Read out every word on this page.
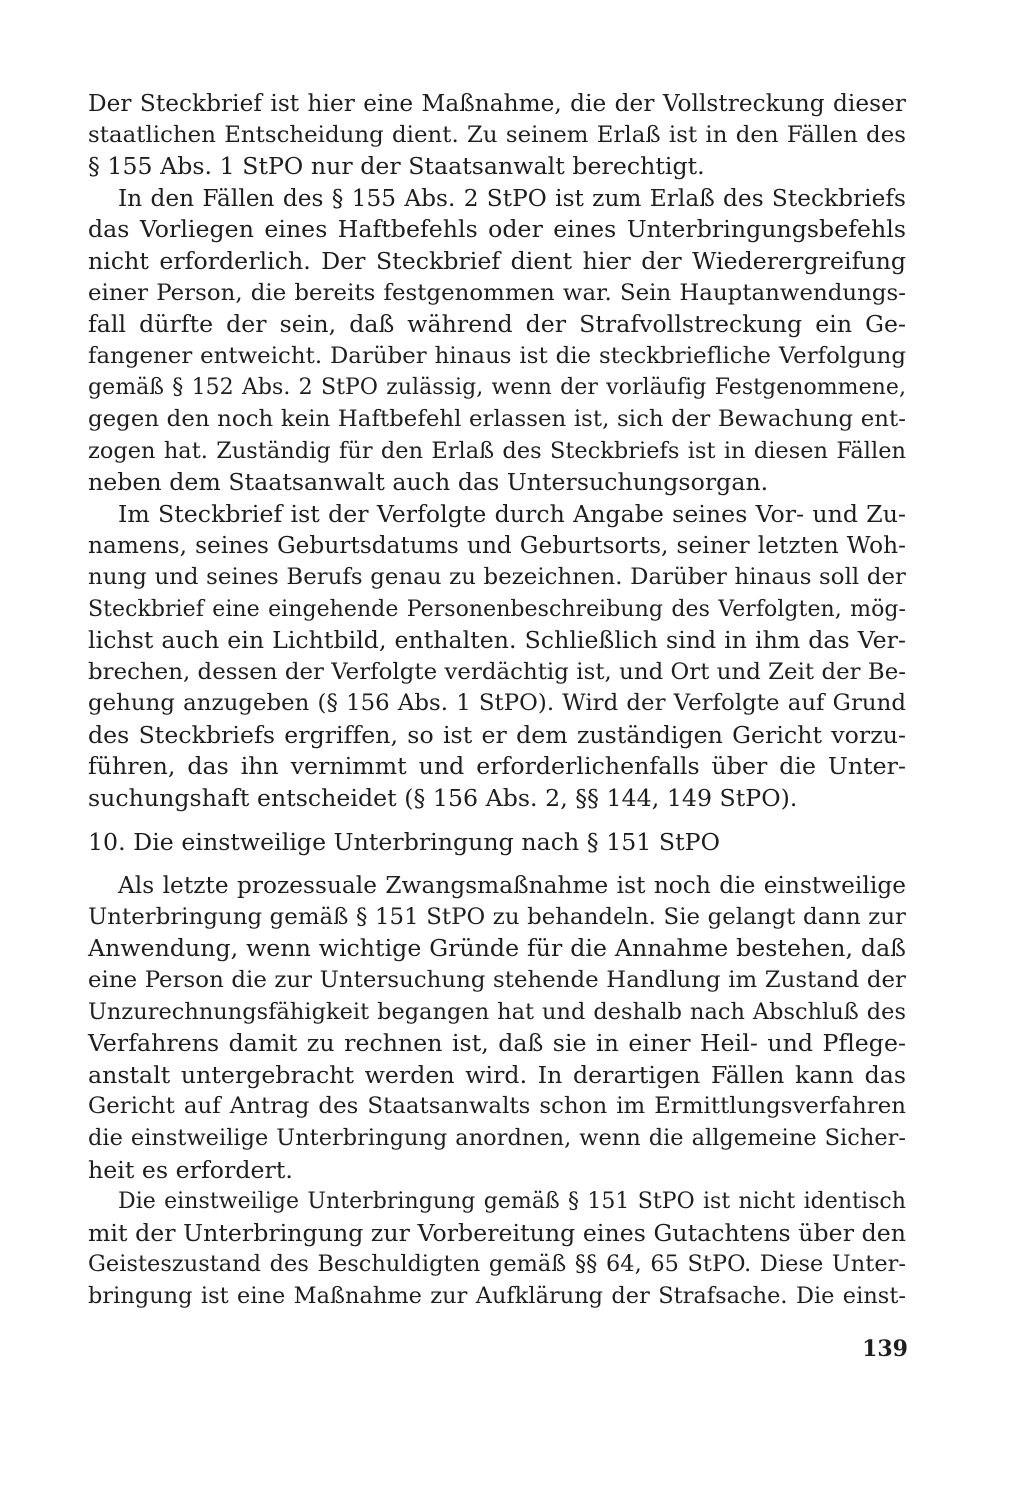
Der Steckbrief ist hier eine Maßnahme, die der Vollstreckung dieser
staatlichen Entscheidung dient. Zu seinem Erlaß ist in den Fällen des
§ 155 Abs. 1 StPO nur der Staatsanwalt berechtigt.
In den Fällen des § 155 Abs. 2 StPO ist zum Erlaß des Steckbriefs
das Vorliegen eines Haftbefehls oder eines Unterbringungsbefehls
nicht erforderlich. Der Steckbrief dient hier der Wiederergreifung
einer Person, die bereits festgenommen war. Sein Hauptanwendungs-
fall dürfte der sein, daß während der Strafvollstreckung ein Ge-
fangener entweicht. Darüber hinaus ist die steckbriefliche Verfolgung
gemäß § 152 Abs. 2 StPO zulässig, wenn der vorläufig Festgenommene,
gegen den noch kein Haftbefehl erlassen ist, sich der Bewachung ent-
zogen hat. Zuständig für den Erlaß des Steckbriefs ist in diesen Fällen
neben dem Staatsanwalt auch das Untersuchungsorgan.
Im Steckbrief ist der Verfolgte durch Angabe seines Vor- und Zu-
namens, seines Geburtsdatums und Geburtsorts, seiner letzten Woh-
nung und seines Berufs genau zu bezeichnen. Darüber hinaus soll der
Steckbrief eine eingehende Personenbeschreibung des Verfolgten, mög-
lichst auch ein Lichtbild, enthalten. Schließlich sind in ihm das Ver-
brechen, dessen der Verfolgte verdächtig ist, und Ort und Zeit der Be-
gehung anzugeben (§ 156 Abs. 1 StPO). Wird der Verfolgte auf Grund
des Steckbriefs ergriffen, so ist er dem zuständigen Gericht vorzu-
führen, das ihn vernimmt und erforderlichenfalls über die Unter-
suchungshaft entscheidet (§ 156 Abs. 2, §§ 144, 149 StPO).
10. Die einstweilige Unterbringung nach § 151 StPO
Als letzte prozessuale Zwangsmaßnahme ist noch die einstweilige
Unterbringung gemäß § 151 StPO zu behandeln. Sie gelangt dann zur
Anwendung, wenn wichtige Gründe für die Annahme bestehen, daß
eine Person die zur Untersuchung stehende Handlung im Zustand der
Unzurechnungsfähigkeit begangen hat und deshalb nach Abschluß des
Verfahrens damit zu rechnen ist, daß sie in einer Heil- und Pflege-
anstalt untergebracht werden wird. In derartigen Fällen kann das
Gericht auf Antrag des Staatsanwalts schon im Ermittlungsverfahren
die einstweilige Unterbringung anordnen, wenn die allgemeine Sicher-
heit es erfordert.
Die einstweilige Unterbringung gemäß § 151 StPO ist nicht identisch
mit der Unterbringung zur Vorbereitung eines Gutachtens über den
Geisteszustand des Beschuldigten gemäß §§ 64, 65 StPO. Diese Unter-
bringung ist eine Maßnahme zur Aufklärung der Strafsache. Die einst-
139
